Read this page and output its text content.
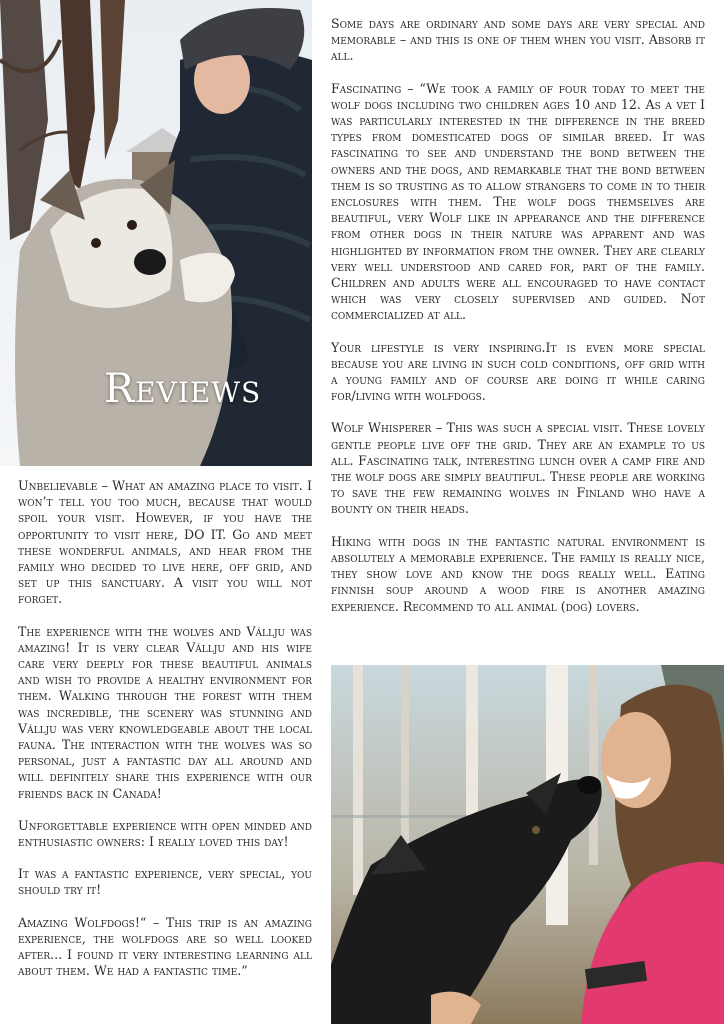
Reviews

Unbelievable – What an amazing place to visit. I won’t tell you too much, because that would spoil your visit. However, if you have the opportunity to visit here, DO IT. Go and meet these wonderful animals, and hear from the family who decided to live here, off grid, and set up this sanctuary. A visit you will not forget.

The experience with the wolves and Vállju was amazing! It is very clear Vállju and his wife care very deeply for these beautiful animals and wish to provide a healthy environment for them. Walking through the forest with them was incredible, the scenery was stunning and Vállju was very knowledgeable about the local fauna. The interaction with the wolves was so personal, just a fantastic day all around and will definitely share this experience with our friends back in Canada!

Unforgettable experience with open minded and enthusiastic owners: I really loved this day!

It was a fantastic experience, very special, you should try it!

Amazing Wolfdogs!“ – This trip is an amazing experience, the wolfdogs are so well looked after... I found it very interesting learning all about them. We had a fantastic time.”

Some days are ordinary and some days are very special and memorable – and this is one of them when you visit. Absorb it all.

Fascinating – “We took a family of four today to meet the wolf dogs including two children ages 10 and 12. As a vet I was particularly interested in the difference in the breed types from domesticated dogs of similar breed. It was fascinating to see and understand the bond between the owners and the dogs, and remarkable that the bond between them is so trusting as to allow strangers to come in to their enclosures with them. The wolf dogs themselves are beautiful, very Wolf like in appearance and the difference from other dogs in their nature was apparent and was highlighted by information from the owner. They are clearly very well understood and cared for, part of the family. Children and adults were all encouraged to have contact which was very closely supervised and guided. Not commercialized at all.

Your lifestyle is very inspiring.It is even more special because you are living in such cold conditions, off grid with a young family and of course are doing it while caring for/living with wolfdogs.

Wolf Whisperer – This was such a special visit. These lovely gentle people live off the grid. They are an example to us all. Fascinating talk, interesting lunch over a camp fire and the wolf dogs are simply beautiful. These people are working to save the few remaining wolves in Finland who have a bounty on their heads.

Hiking with dogs in the fantastic natural environment is absolutely a memorable experience. The family is really nice, they show love and know the dogs really well. Eating finnish soup around a wood fire is another amazing experience. Recommend to all animal (dog) lovers.
